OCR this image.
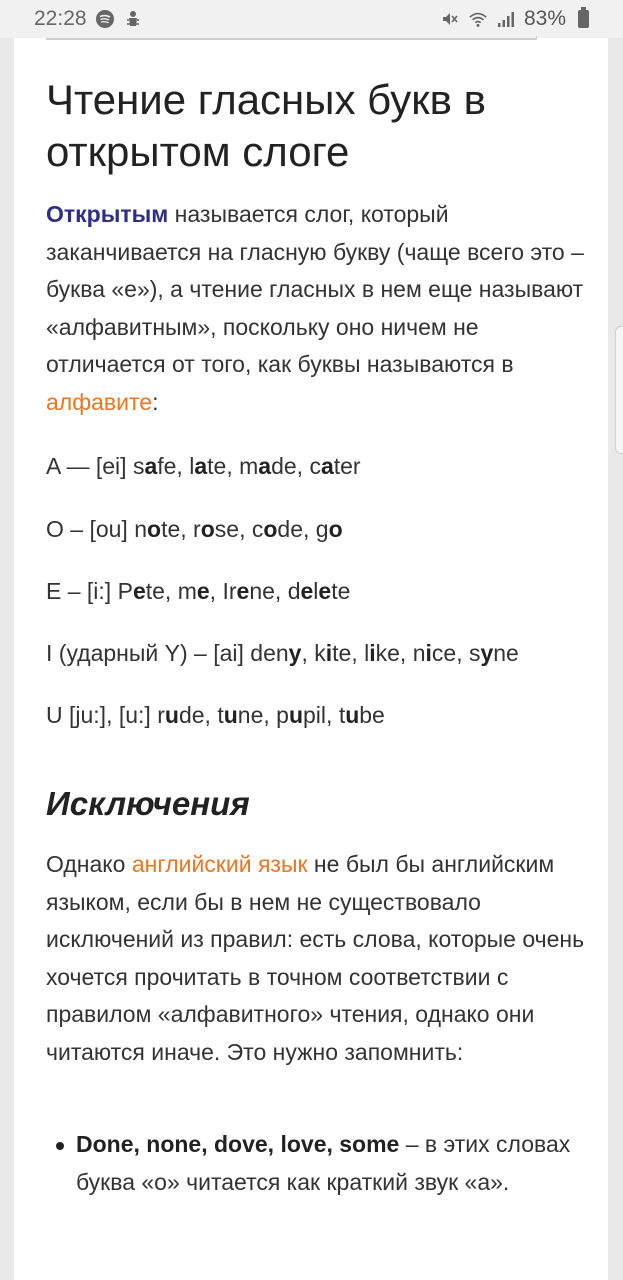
22:28	83%
Чтение гласных букв в открытом слоге

Открытым называется слог, который заканчивается на гласную букву (чаще всего это – буква «е»), а чтение гласных в нем еще называют «алфавитным», поскольку оно ничем не отличается от того, как буквы называются в алфавите:

A — [ei] safe, late, made, cater
O – [ou] note, rose, code, go
E – [i:] Pete, me, Irene, delete
I (ударный Y) – [ai] deny, kite, like, nice, syne
U [ju:], [u:] rude, tune, pupil, tube
Исключения

Однако английский язык не был бы английским языком, если бы в нем не существовало исключений из правил: есть слова, которые очень хочется прочитать в точном соответствии с правилом «алфавитного» чтения, однако они читаются иначе. Это нужно запомнить:

Done, none, dove, love, some – в этих словах буква «о» читается как краткий звук «а».
